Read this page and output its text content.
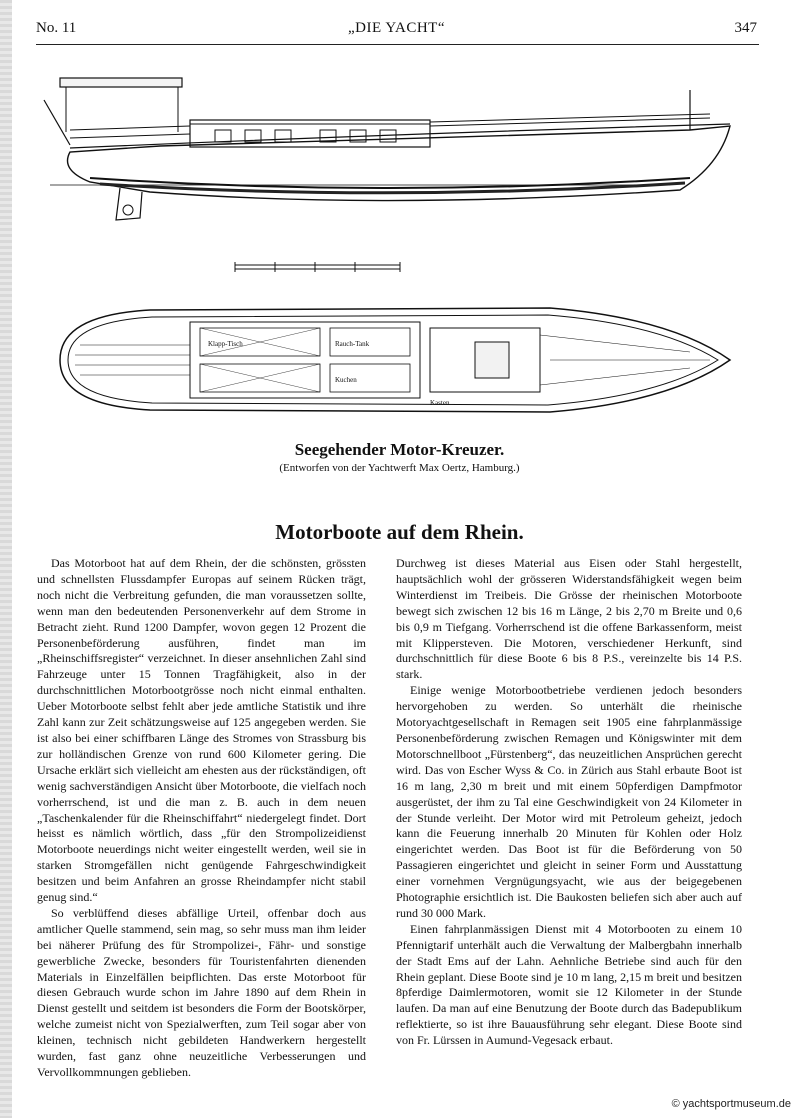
No. 11	„DIE YACHT“	347
Klapp-Tisch	Rauch-Tank
Kuchen
Kasten
Seegehender Motor-Kreuzer.
(Entworfen von der Yachtwerft Max Oertz, Hamburg.)
Motorboote auf dem Rhein.

Das Motorboot hat auf dem Rhein, der die schönsten, grössten und schnellsten Flussdampfer Europas auf seinem Rücken trägt, noch nicht die Verbreitung gefunden, die man voraussetzen sollte, wenn man den bedeutenden Personenverkehr auf dem Strome in Betracht zieht. Rund 1200 Dampfer, wovon gegen 12 Prozent die Personenbeförderung ausführen, findet man im „Rheinschiffsregister“ verzeichnet. In dieser ansehnlichen Zahl sind Fahrzeuge unter 15 Tonnen Tragfähigkeit, also in der durchschnittlichen Motorbootgrösse noch nicht einmal enthalten. Ueber Motorboote selbst fehlt aber jede amtliche Statistik und ihre Zahl kann zur Zeit schätzungsweise auf 125 angegeben werden. Sie ist also bei einer schiffbaren Länge des Stromes von Strassburg bis zur holländischen Grenze von rund 600 Kilometer gering. Die Ursache erklärt sich vielleicht am ehesten aus der rückständigen, oft wenig sachverständigen Ansicht über Motorboote, die vielfach noch vorherrschend, ist und die man z. B. auch in dem neuen „Taschenkalender für die Rheinschiffahrt“ niedergelegt findet. Dort heisst es nämlich wörtlich, dass „für den Strompolizeidienst Motorboote neuerdings nicht weiter eingestellt werden, weil sie in starken Stromgefällen nicht genügende Fahrgeschwindigkeit besitzen und beim Anfahren an grosse Rheindampfer nicht stabil genug sind.“

So verblüffend dieses abfällige Urteil, offenbar doch aus amtlicher Quelle stammend, sein mag, so sehr muss man ihm leider bei näherer Prüfung des für Strompolizei-, Fähr- und sonstige gewerbliche Zwecke, besonders für Touristenfahrten dienenden Materials in Einzelfällen beipflichten. Das erste Motorboot für diesen Gebrauch wurde schon im Jahre 1890 auf dem Rhein in Dienst gestellt und seitdem ist besonders die Form der Bootskörper, welche zumeist nicht von Spezialwerften, zum Teil sogar aber von kleinen, technisch nicht gebildeten Handwerkern hergestellt wurden, fast ganz ohne neuzeitliche Verbesserungen und Vervollkommnungen geblieben.

Durchweg ist dieses Material aus Eisen oder Stahl hergestellt, hauptsächlich wohl der grösseren Widerstandsfähigkeit wegen beim Winterdienst im Treibeis. Die Grösse der rheinischen Motorboote bewegt sich zwischen 12 bis 16 m Länge, 2 bis 2,70 m Breite und 0,6 bis 0,9 m Tiefgang. Vorherrschend ist die offene Barkassenform, meist mit Klippersteven. Die Motoren, verschiedener Herkunft, sind durchschnittlich für diese Boote 6 bis 8 P.S., vereinzelte bis 14 P.S. stark.

Einige wenige Motorbootbetriebe verdienen jedoch besonders hervorgehoben zu werden. So unterhält die rheinische Motoryachtgesellschaft in Remagen seit 1905 eine fahrplanmässige Personenbeförderung zwischen Remagen und Königswinter mit dem Motorschnellboot „Fürstenberg“, das neuzeitlichen Ansprüchen gerecht wird. Das von Escher Wyss & Co. in Zürich aus Stahl erbaute Boot ist 16 m lang, 2,30 m breit und mit einem 50pferdigen Dampfmotor ausgerüstet, der ihm zu Tal eine Geschwindigkeit von 24 Kilometer in der Stunde verleiht. Der Motor wird mit Petroleum geheizt, jedoch kann die Feuerung innerhalb 20 Minuten für Kohlen oder Holz eingerichtet werden. Das Boot ist für die Beförderung von 50 Passagieren eingerichtet und gleicht in seiner Form und Ausstattung einer vornehmen Vergnügungsyacht, wie aus der beigegebenen Photographie ersichtlich ist. Die Baukosten beliefen sich aber auch auf rund 30 000 Mark.

Einen fahrplanmässigen Dienst mit 4 Motorbooten zu einem 10 Pfennigtarif unterhält auch die Verwaltung der Malbergbahn innerhalb der Stadt Ems auf der Lahn. Aehnliche Betriebe sind auch für den Rhein geplant. Diese Boote sind je 10 m lang, 2,15 m breit und besitzen 8pferdige Daimlermotoren, womit sie 12 Kilometer in der Stunde laufen. Da man auf eine Benutzung der Boote durch das Badepublikum reflektierte, so ist ihre Bauausführung sehr elegant. Diese Boote sind von Fr. Lürssen in Aumund-Vegesack erbaut.

© yachtsportmuseum.de
